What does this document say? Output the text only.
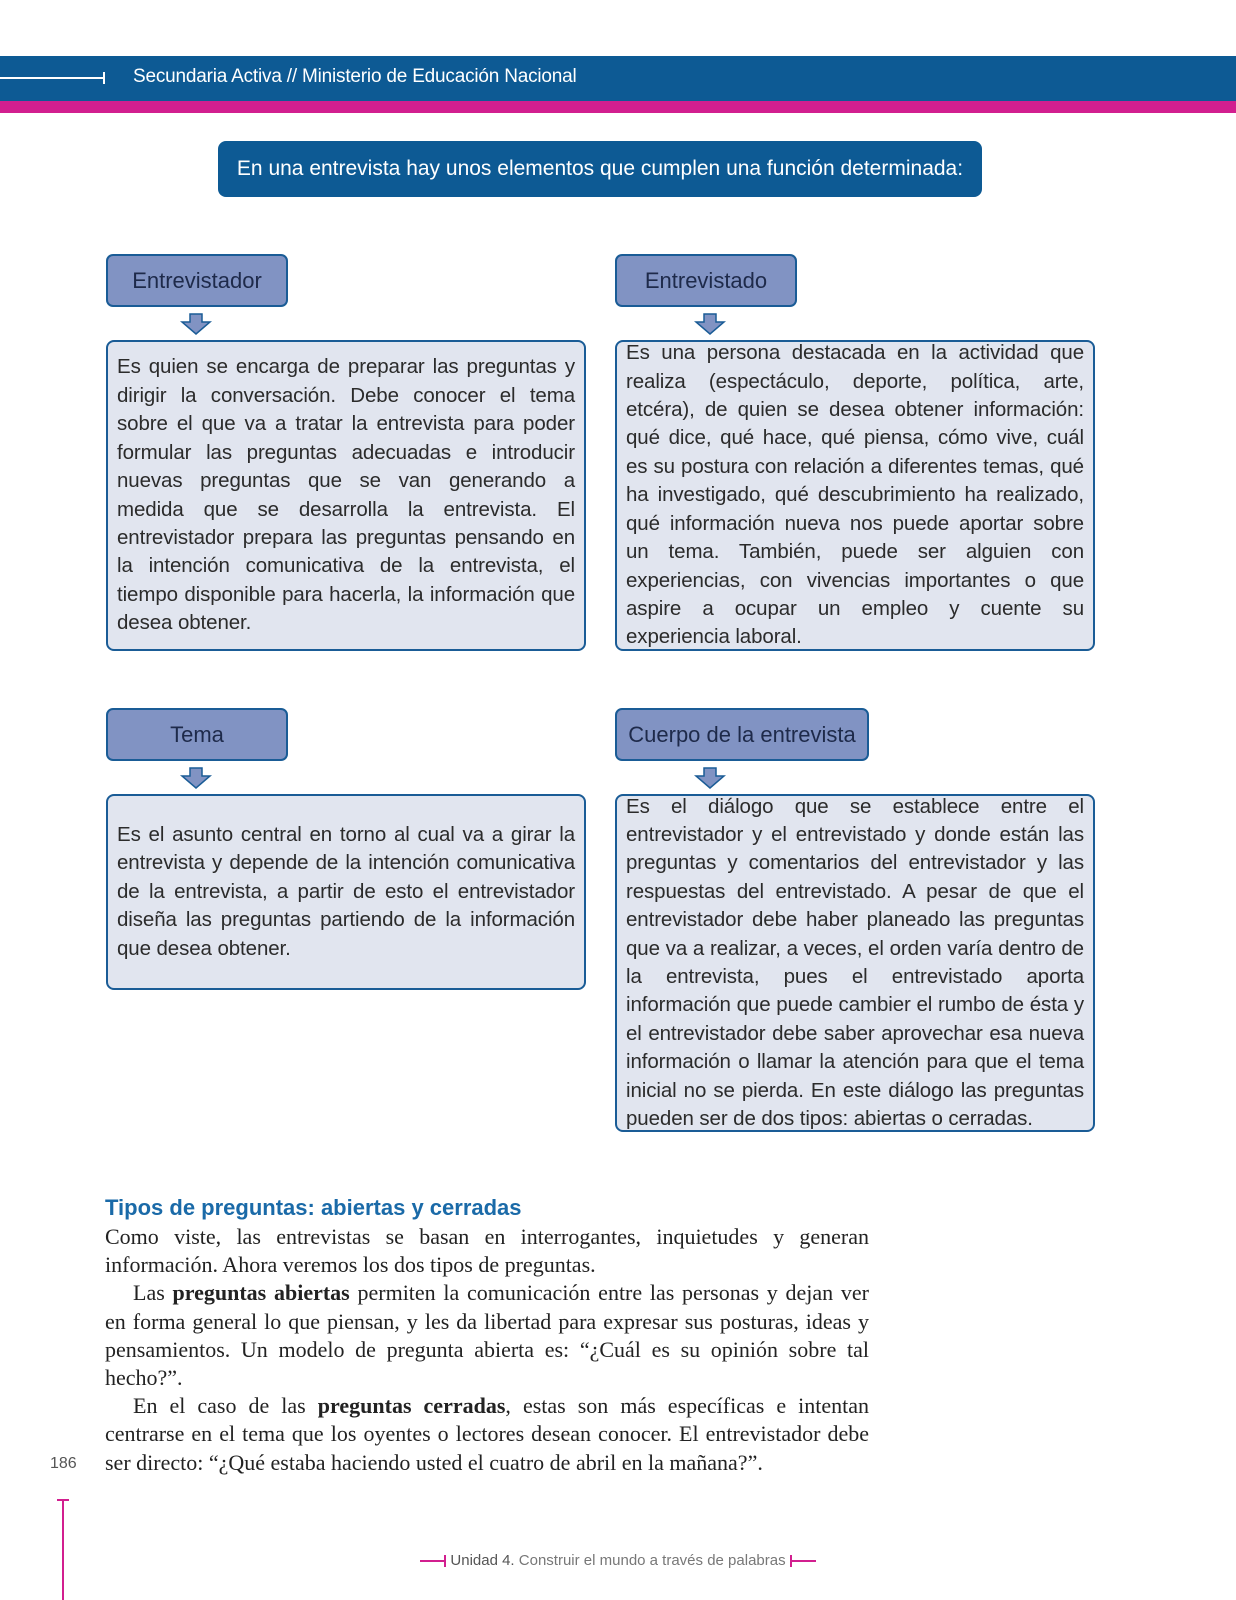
Secundaria Activa // Ministerio de Educación Nacional
En una entrevista hay unos elementos que cumplen una función determinada:
Entrevistador

Es quien se encarga de preparar las preguntas y dirigir la conversación. Debe conocer el tema sobre el que va a tratar la entrevista para poder formular las preguntas adecuadas e introducir nuevas preguntas que se van generando a medida que se desarrolla la entrevista. El entrevistador prepara las preguntas pensando en la intención comunicativa de la entrevista, el tiempo disponible para hacerla, la información que desea obtener.

Entrevistado

Es una persona destacada en la actividad que realiza (espectáculo, deporte, política, arte, etcéra), de quien se desea obtener información: qué dice, qué hace, qué piensa, cómo vive, cuál es su postura con relación a diferentes temas, qué ha investigado, qué descubrimiento ha realizado, qué información nueva nos puede aportar sobre un tema. También, puede ser alguien con experiencias, con vivencias importantes o que aspire a ocupar un empleo y cuente su experiencia laboral.

Tema

Es el asunto central en torno al cual va a girar la entrevista y depende de la intención comunicativa de la entrevista, a partir de esto el entrevistador diseña las preguntas partiendo de la información que desea obtener.

Cuerpo de la entrevista

Es el diálogo que se establece entre el entrevistador y el entrevistado y donde están las preguntas y comentarios del entrevistador y las respuestas del entrevistado. A pesar de que el entrevistador debe haber planeado las preguntas que va a realizar, a veces, el orden varía dentro de la entrevista, pues el entrevistado aporta información que puede cambier el rumbo de ésta y el entrevistador debe saber aprovechar esa nueva información o llamar la atención para que el tema inicial no se pierda. En este diálogo las preguntas pueden ser de dos tipos: abiertas o cerradas.

Tipos de preguntas: abiertas y cerradas

Como viste, las entrevistas se basan en interrogantes, inquietudes y generan información. Ahora veremos los dos tipos de preguntas.

Las preguntas abiertas permiten la comunicación entre las personas y dejan ver en forma general lo que piensan, y les da libertad para expresar sus posturas, ideas y pensamientos. Un modelo de pregunta abierta es: “¿Cuál es su opinión sobre tal hecho?”.

En el caso de las preguntas cerradas, estas son más específicas e intentan centrarse en el tema que los oyentes o lectores desean conocer. El entrevistador debe ser directo: “¿Qué estaba haciendo usted el cuatro de abril en la mañana?”.

186
Unidad 4. Construir el mundo a través de palabras
